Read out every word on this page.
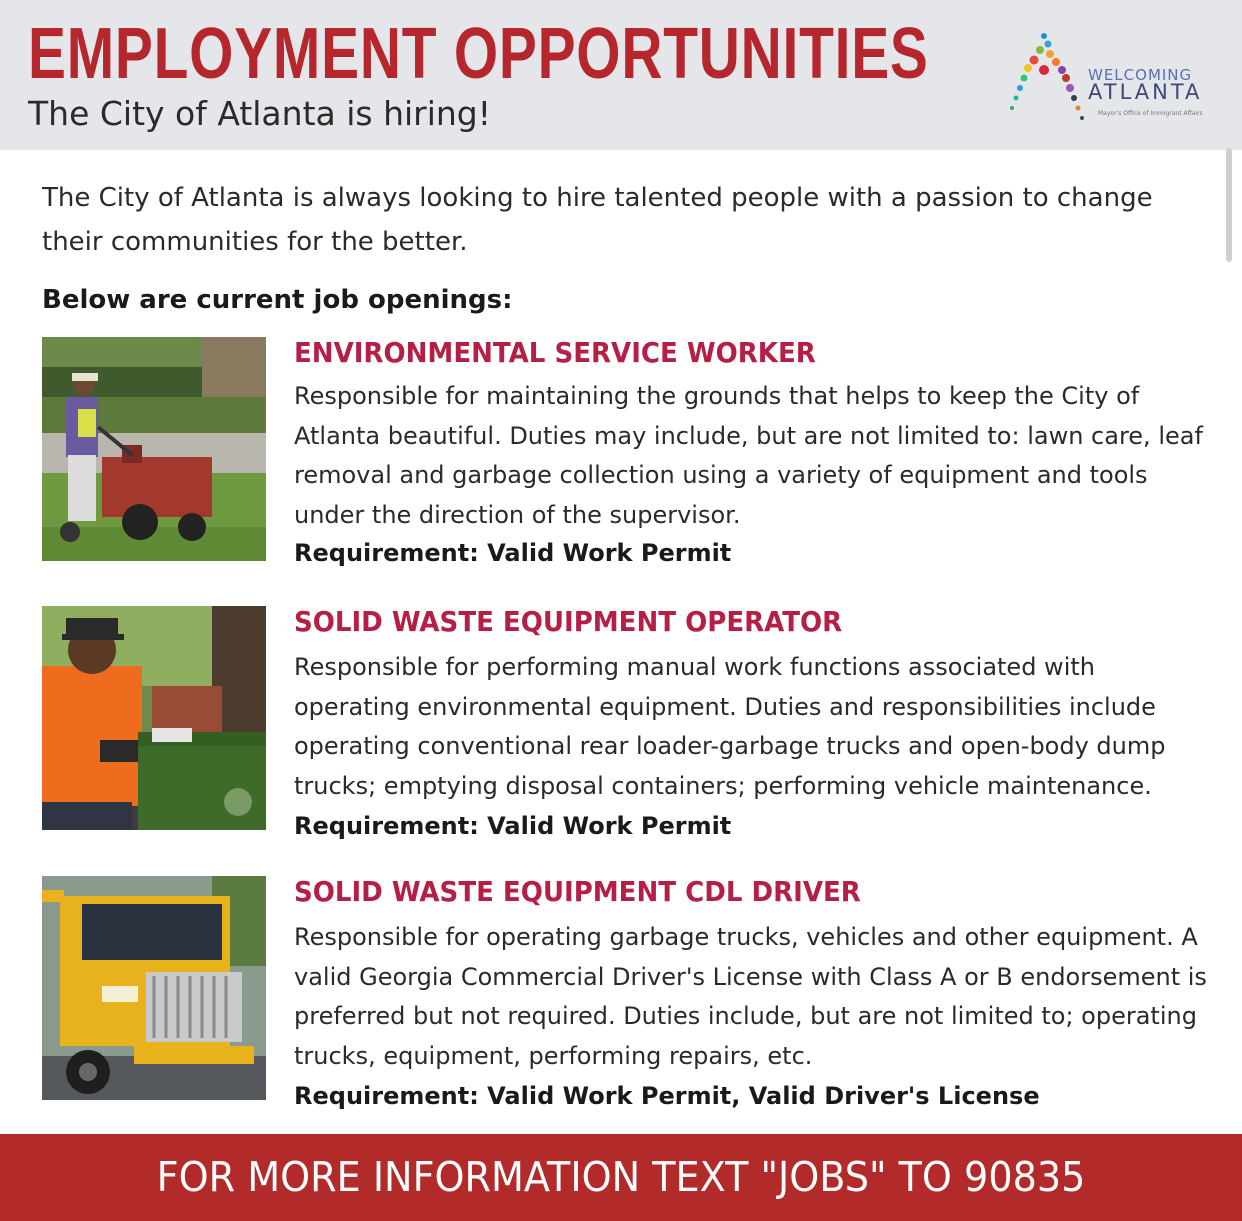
EMPLOYMENT OPPORTUNITIES
The City of Atlanta is hiring!
WELCOMING
ATLANTA
Mayor's Office of Immigrant Affairs
The City of Atlanta is always looking to hire talented people with a passion to change their communities for the better.
Below are current job openings:
ENVIRONMENTAL SERVICE WORKER
Responsible for maintaining the grounds that helps to keep the City of Atlanta beautiful. Duties may include, but are not limited to: lawn care, leaf removal and garbage collection using a variety of equipment and tools under the direction of the supervisor.
Requirement: Valid Work Permit
SOLID WASTE EQUIPMENT OPERATOR
Responsible for performing manual work functions associated with operating environmental equipment. Duties and responsibilities include operating conventional rear loader-garbage trucks and open-body dump trucks; emptying disposal containers; performing vehicle maintenance.
Requirement: Valid Work Permit
SOLID WASTE EQUIPMENT CDL DRIVER
Responsible for operating garbage trucks, vehicles and other equipment. A valid Georgia Commercial Driver's License with Class A or B endorsement is preferred but not required. Duties include, but are not limited to; operating trucks, equipment, performing repairs, etc.
Requirement: Valid Work Permit, Valid Driver's License
FOR MORE INFORMATION TEXT "JOBS" TO 90835
